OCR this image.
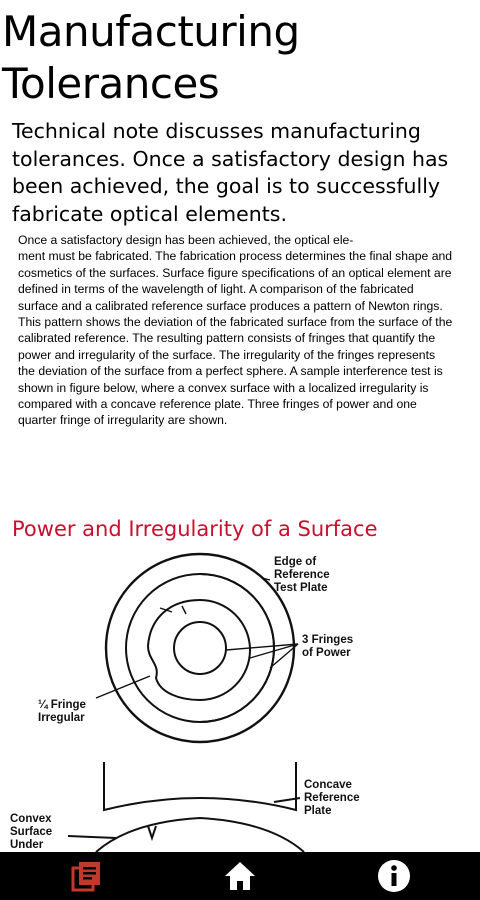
Manufacturing Tolerances

Technical note discusses manufacturing tolerances. Once a satisfactory design has been achieved, the goal is to successfully fabricate optical elements.

Once a satisfactory design has been achieved, the optical ele-
ment must be fabricated. The fabrication process determines the final shape and cosmetics of the surfaces. Surface figure specifications of an optical element are defined in terms of the wavelength of light. A comparison of the fabricated surface and a calibrated reference surface produces a pattern of Newton rings. This pattern shows the deviation of the fabricated surface from the surface of the calibrated reference. The resulting pattern consists of fringes that quantify the power and irregularity of the surface. The irregularity of the fringes represents the deviation of the surface from a perfect sphere. A sample interference test is shown in figure below, where a convex surface with a localized irregularity is compared with a concave reference plate. Three fringes of power and one quarter fringe of irregularity are shown.

Power and Irregularity of a Surface
Edge of
Reference
Test Plate
3 Fringes
of Power
¼ Fringe
Irregular
Concave
Reference
Plate
Convex
Surface
Under
